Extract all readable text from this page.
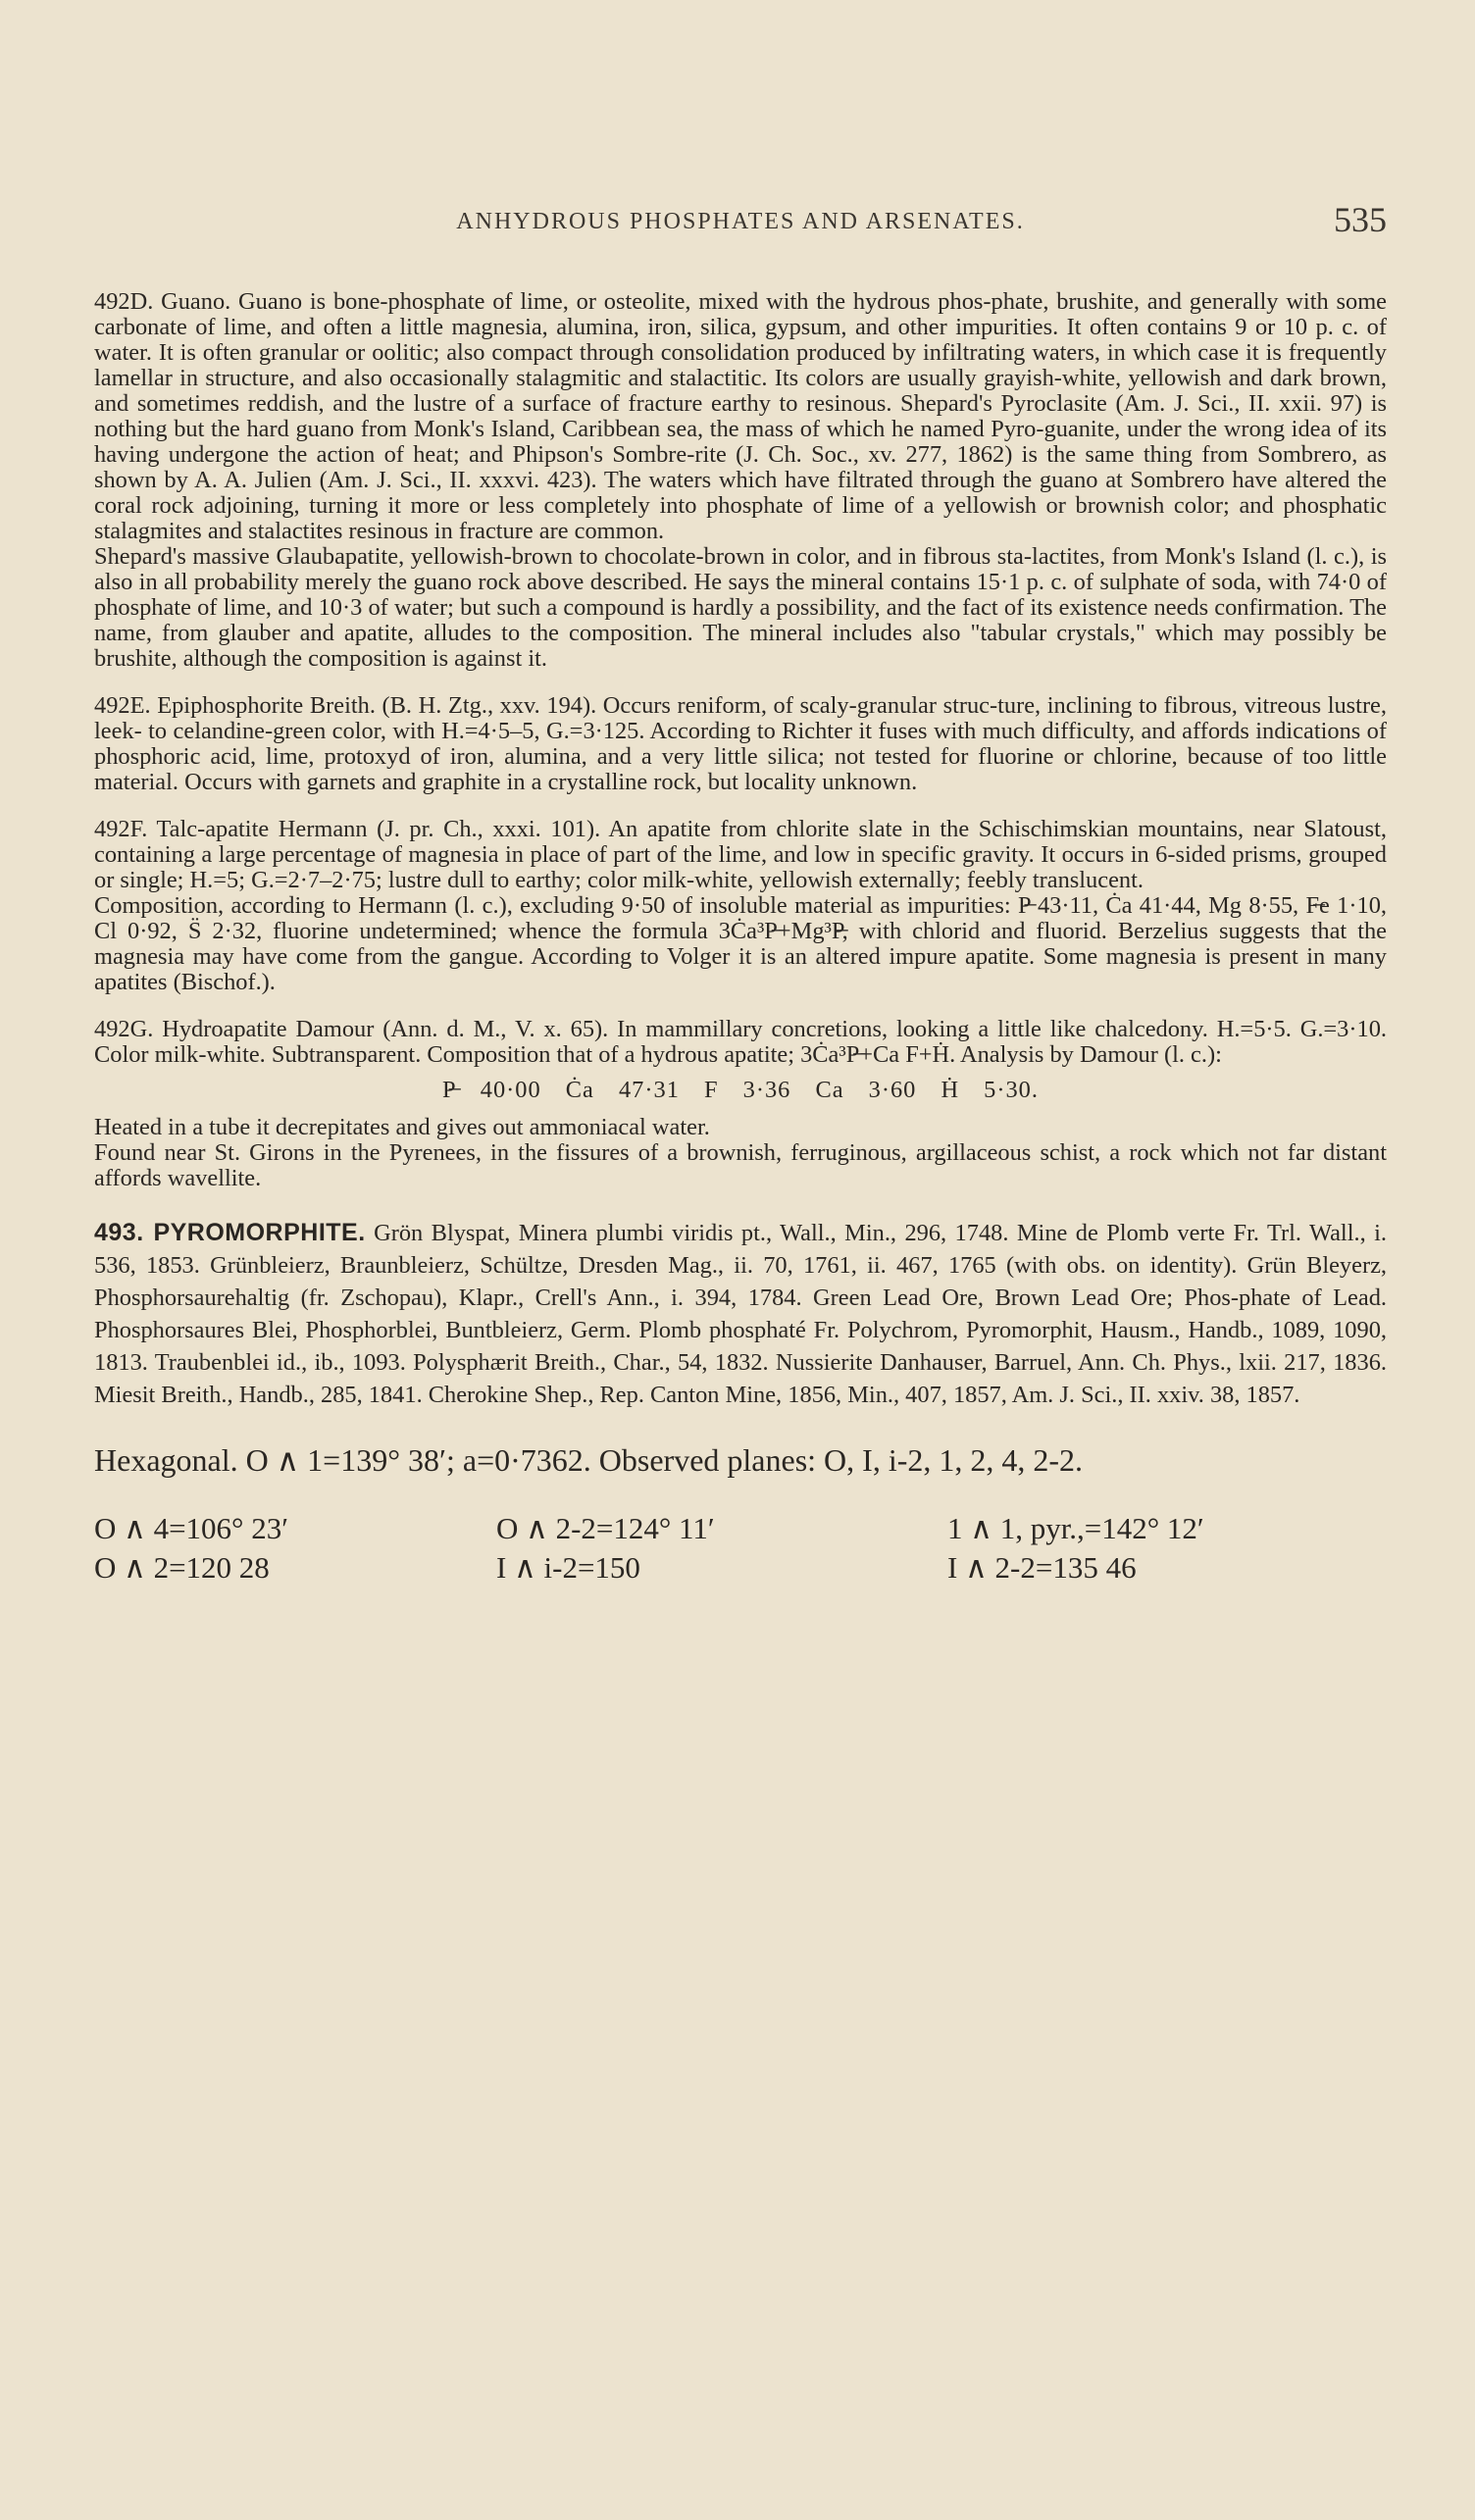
ANHYDROUS PHOSPHATES AND ARSENATES.	535

492D. Guano. Guano is bone-phosphate of lime, or osteolite, mixed with the hydrous phos-phate, brushite, and generally with some carbonate of lime, and often a little magnesia, alumina, iron, silica, gypsum, and other impurities. It often contains 9 or 10 p. c. of water. It is often granular or oolitic; also compact through consolidation produced by infiltrating waters, in which case it is frequently lamellar in structure, and also occasionally stalagmitic and stalactitic. Its colors are usually grayish-white, yellowish and dark brown, and sometimes reddish, and the lustre of a surface of fracture earthy to resinous. Shepard's Pyroclasite (Am. J. Sci., II. xxii. 97) is nothing but the hard guano from Monk's Island, Caribbean sea, the mass of which he named Pyro-guanite, under the wrong idea of its having undergone the action of heat; and Phipson's Sombre-rite (J. Ch. Soc., xv. 277, 1862) is the same thing from Sombrero, as shown by A. A. Julien (Am. J. Sci., II. xxxvi. 423). The waters which have filtrated through the guano at Sombrero have altered the coral rock adjoining, turning it more or less completely into phosphate of lime of a yellowish or brownish color; and phosphatic stalagmites and stalactites resinous in fracture are common.

Shepard's massive Glaubapatite, yellowish-brown to chocolate-brown in color, and in fibrous sta-lactites, from Monk's Island (l. c.), is also in all probability merely the guano rock above described. He says the mineral contains 15·1 p. c. of sulphate of soda, with 74·0 of phosphate of lime, and 10·3 of water; but such a compound is hardly a possibility, and the fact of its existence needs confirmation. The name, from glauber and apatite, alludes to the composition. The mineral includes also "tabular crystals," which may possibly be brushite, although the composition is against it.

492E. Epiphosphorite Breith. (B. H. Ztg., xxv. 194). Occurs reniform, of scaly-granular struc-ture, inclining to fibrous, vitreous lustre, leek- to celandine-green color, with H.=4·5–5, G.=3·125. According to Richter it fuses with much difficulty, and affords indications of phosphoric acid, lime, protoxyd of iron, alumina, and a very little silica; not tested for fluorine or chlorine, because of too little material. Occurs with garnets and graphite in a crystalline rock, but locality unknown.

492F. Talc-apatite Hermann (J. pr. Ch., xxxi. 101). An apatite from chlorite slate in the Schischimskian mountains, near Slatoust, containing a large percentage of magnesia in place of part of the lime, and low in specific gravity. It occurs in 6-sided prisms, grouped or single; H.=5; G.=2·7–2·75; lustre dull to earthy; color milk-white, yellowish externally; feebly translucent.

Composition, according to Hermann (l. c.), excluding 9·50 of insoluble material as impurities: P̶ 43·11, Ċa 41·44, Mg 8·55, F̶e 1·10, Cl 0·92, S̈ 2·32, fluorine undetermined; whence the formula 3Ċa³P̶+Mg³P̶, with chlorid and fluorid. Berzelius suggests that the magnesia may have come from the gangue. According to Volger it is an altered impure apatite. Some magnesia is present in many apatites (Bischof.).

492G. Hydroapatite Damour (Ann. d. M., V. x. 65). In mammillary concretions, looking a little like chalcedony. H.=5·5. G.=3·10. Color milk-white. Subtransparent. Composition that of a hydrous apatite; 3Ċa³P̶+Ca F+Ḣ. Analysis by Damour (l. c.):

P̶ 40·00 Ċa 47·31 F 3·36 Ca 3·60 Ḣ 5·30.

Heated in a tube it decrepitates and gives out ammoniacal water.

Found near St. Girons in the Pyrenees, in the fissures of a brownish, ferruginous, argillaceous schist, a rock which not far distant affords wavellite.

493. PYROMORPHITE. Grön Blyspat, Minera plumbi viridis pt., Wall., Min., 296, 1748. Mine de Plomb verte Fr. Trl. Wall., i. 536, 1853. Grünbleierz, Braunbleierz, Schültze, Dresden Mag., ii. 70, 1761, ii. 467, 1765 (with obs. on identity). Grün Bleyerz, Phosphorsaurehaltig (fr. Zschopau), Klapr., Crell's Ann., i. 394, 1784. Green Lead Ore, Brown Lead Ore; Phos-phate of Lead. Phosphorsaures Blei, Phosphorblei, Buntbleierz, Germ. Plomb phosphaté Fr. Polychrom, Pyromorphit, Hausm., Handb., 1089, 1090, 1813. Traubenblei id., ib., 1093. Polysphærit Breith., Char., 54, 1832. Nussierite Danhauser, Barruel, Ann. Ch. Phys., lxii. 217, 1836. Miesit Breith., Handb., 285, 1841. Cherokine Shep., Rep. Canton Mine, 1856, Min., 407, 1857, Am. J. Sci., II. xxiv. 38, 1857.

Hexagonal. O ∧ 1=139° 38′; a=0·7362. Observed planes: O, I, i-2, 1, 2, 4, 2-2.
O ∧ 4=106° 23′	O ∧ 2-2=124° 11′	1 ∧ 1, pyr.,=142° 12′
O ∧ 2=120 28	I ∧ i-2=150	I ∧ 2-2=135 46
